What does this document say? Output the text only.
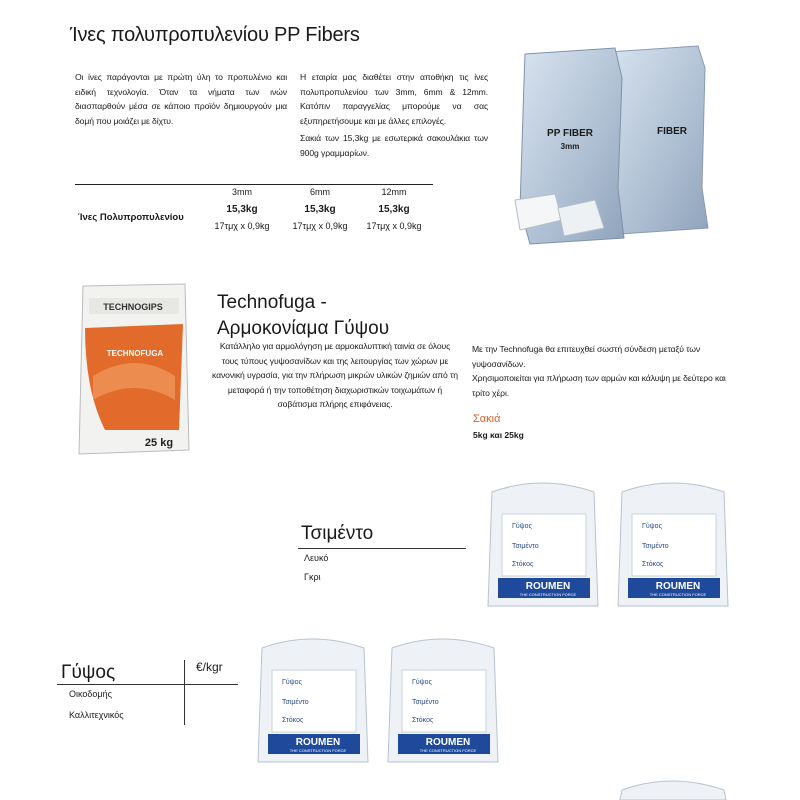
Ίνες πολυπροπυλενίου PP Fibers

Οι ίνες παράγονται με πρώτη ύλη το προπυλένιο και ειδική τεχνολογία. Όταν τα νήματα των ινών διασπαρθούν μέσα σε κάποιο προϊόν δημιουργούν μια δομή που μοιάζει με δίχτυ.

Η εταιρία μας διαθέτει στην αποθήκη τις ίνες πολυπροπυλενίου των 3mm, 6mm & 12mm. Κατόπιν παραγγελίας μπορούμε να σας εξυπηρετήσουμε και με άλλες επιλογές.

Σακιά των 15,3kg με εσωτερικά σακουλάκια των 900g γραμμαρίων.

Ίνες Πολυπροπυλενίου
3mm	6mm	12mm
15,3kg	15,3kg	15,3kg
17τμχ x 0,9kg	17τμχ x 0,9kg	17τμχ x 0,9kg
PP FIBER
3mm
FIBER
TECHNOGIPS
TECHNOFUGA
25 kg
Technofuga -
Αρμοκονίαμα Γύψου

Κατάλληλο για αρμολόγηση με αρμοκαλυπτική ταινία σε όλους τους τύπους γυψοσανίδων και της λειτουργίας των χώρων με κανονική υγρασία, για την πλήρωση μικρών υλικών ζημιών από τη μεταφορά ή την τοποθέτηση διαχωριστικών τοιχωμάτων ή σοβάτισμα πλήρης επιφάνειας.

Με την Technofuga θα επιτευχθεί σωστή σύνδεση μεταξύ των γυψοσανίδων.

Χρησιμοποιείται για πλήρωση των αρμών και κάλυψη με δεύτερο και τρίτο χέρι.

Σακιά
5kg και 25kg
Τσιμέντο
Λευκό
Γκρι
Γύψος	€/kgr
Οικοδομής
Καλλιτεχνικός
Γύψος
Τσιμέντο
Στόκος
ROUMEN
THE CONSTRUCTION FORCE
Γύψος
Τσιμέντο
Στόκος
ROUMEN
THE CONSTRUCTION FORCE
Γύψος
Τσιμέντο
Στόκος
ROUMEN
THE CONSTRUCTION FORCE
Γύψος
Τσιμέντο
Στόκος
ROUMEN
THE CONSTRUCTION FORCE
